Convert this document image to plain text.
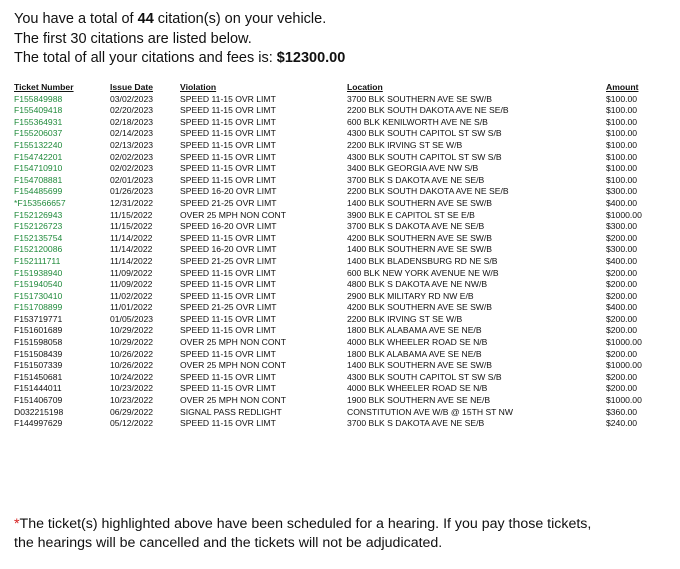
You have a total of 44 citation(s) on your vehicle.
The first 30 citations are listed below.
The total of all your citations and fees is: $12300.00
Ticket Number	Issue Date	Violation	Location	Amount
F155849988	03/02/2023	SPEED 11-15 OVR LIMT	3700 BLK SOUTHERN AVE SE SW/B	$100.00
F155409418	02/20/2023	SPEED 11-15 OVR LIMT	2200 BLK SOUTH DAKOTA AVE NE SE/B	$100.00
F155364931	02/18/2023	SPEED 11-15 OVR LIMT	600 BLK KENILWORTH AVE NE S/B	$100.00
F155206037	02/14/2023	SPEED 11-15 OVR LIMT	4300 BLK SOUTH CAPITOL ST SW S/B	$100.00
F155132240	02/13/2023	SPEED 11-15 OVR LIMT	2200 BLK IRVING ST SE W/B	$100.00
F154742201	02/02/2023	SPEED 11-15 OVR LIMT	4300 BLK SOUTH CAPITOL ST SW S/B	$100.00
F154710910	02/02/2023	SPEED 11-15 OVR LIMT	3400 BLK GEORGIA AVE NW S/B	$100.00
F154708881	02/01/2023	SPEED 11-15 OVR LIMT	3700 BLK S DAKOTA AVE NE SE/B	$100.00
F154485699	01/26/2023	SPEED 16-20 OVR LIMT	2200 BLK SOUTH DAKOTA AVE NE SE/B	$300.00
*F153566657	12/31/2022	SPEED 21-25 OVR LIMT	1400 BLK SOUTHERN AVE SE SW/B	$400.00
F152126943	11/15/2022	OVER 25 MPH NON CONT	3900 BLK E CAPITOL ST SE E/B	$1000.00
F152126723	11/15/2022	SPEED 16-20 OVR LIMT	3700 BLK S DAKOTA AVE NE SE/B	$300.00
F152135754	11/14/2022	SPEED 11-15 OVR LIMT	4200 BLK SOUTHERN AVE SE SW/B	$200.00
F152120086	11/14/2022	SPEED 16-20 OVR LIMT	1400 BLK SOUTHERN AVE SE SW/B	$300.00
F152111711	11/14/2022	SPEED 21-25 OVR LIMT	1400 BLK BLADENSBURG RD NE S/B	$400.00
F151938940	11/09/2022	SPEED 11-15 OVR LIMT	600 BLK NEW YORK AVENUE NE W/B	$200.00
F151940540	11/09/2022	SPEED 11-15 OVR LIMT	4800 BLK S DAKOTA AVE NE NW/B	$200.00
F151730410	11/02/2022	SPEED 11-15 OVR LIMT	2900 BLK MILITARY RD NW E/B	$200.00
F151708899	11/01/2022	SPEED 21-25 OVR LIMT	4200 BLK SOUTHERN AVE SE SW/B	$400.00
F153719771	01/05/2023	SPEED 11-15 OVR LIMT	2200 BLK IRVING ST SE W/B	$200.00
F151601689	10/29/2022	SPEED 11-15 OVR LIMT	1800 BLK ALABAMA AVE SE NE/B	$200.00
F151598058	10/29/2022	OVER 25 MPH NON CONT	4000 BLK WHEELER ROAD SE N/B	$1000.00
F151508439	10/26/2022	SPEED 11-15 OVR LIMT	1800 BLK ALABAMA AVE SE NE/B	$200.00
F151507339	10/26/2022	OVER 25 MPH NON CONT	1400 BLK SOUTHERN AVE SE SW/B	$1000.00
F151450681	10/24/2022	SPEED 11-15 OVR LIMT	4300 BLK SOUTH CAPITOL ST SW S/B	$200.00
F151444011	10/23/2022	SPEED 11-15 OVR LIMT	4000 BLK WHEELER ROAD SE N/B	$200.00
F151406709	10/23/2022	OVER 25 MPH NON CONT	1900 BLK SOUTHERN AVE SE NE/B	$1000.00
D032215198	06/29/2022	SIGNAL PASS REDLIGHT	CONSTITUTION AVE W/B @ 15TH ST NW	$360.00
F144997629	05/12/2022	SPEED 11-15 OVR LIMT	3700 BLK S DAKOTA AVE NE SE/B	$240.00
*The ticket(s) highlighted above have been scheduled for a hearing. If you pay those tickets, the hearings will be cancelled and the tickets will not be adjudicated.
